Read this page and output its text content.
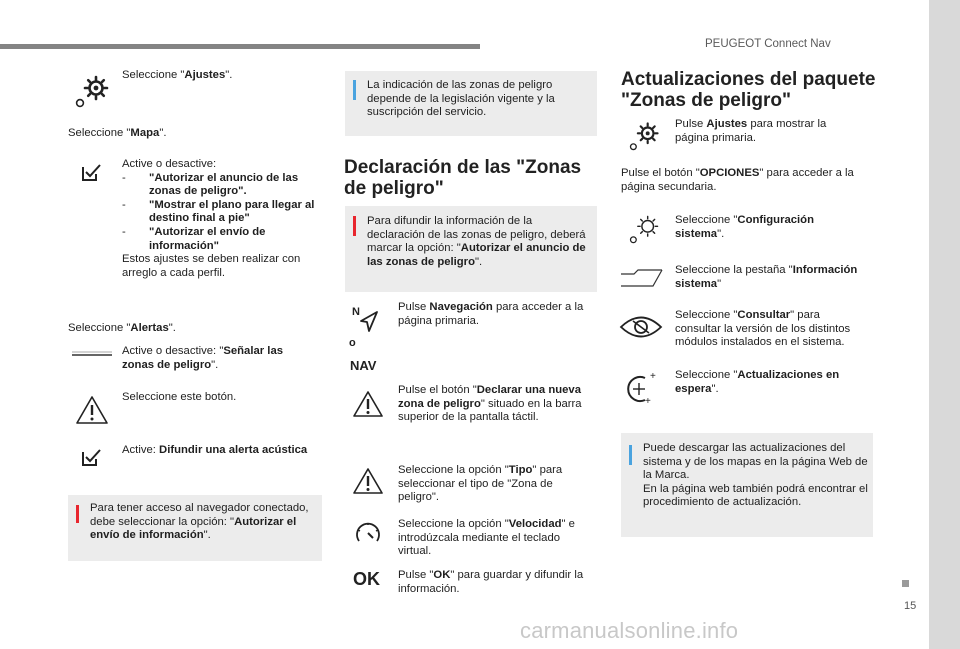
PEUGEOT Connect Nav
Seleccione "Ajustes".
Seleccione "Mapa".
Active o desactive:
- "Autorizar el anuncio de las zonas de peligro".
- "Mostrar el plano para llegar al destino final a pie"
- "Autorizar el envío de información"
Estos ajustes se deben realizar con arreglo a cada perfil.
Seleccione "Alertas".
Active o desactive: "Señalar las zonas de peligro".
Seleccione este botón.
Active: Difundir una alerta acústica
Para tener acceso al navegador conectado, debe seleccionar la opción: "Autorizar el envío de información".
La indicación de las zonas de peligro depende de la legislación vigente y la suscripción del servicio.
Declaración de las "Zonas de peligro"
Para difundir la información de la declaración de las zonas de peligro, deberá marcar la opción: "Autorizar el anuncio de las zonas de peligro".
N
o
NAV
Pulse Navegación para acceder a la página primaria.
Pulse el botón "Declarar una nueva zona de peligro" situado en la barra superior de la pantalla táctil.
Seleccione la opción "Tipo" para seleccionar el tipo de "Zona de peligro".
Seleccione la opción "Velocidad" e introdúzcala mediante el teclado virtual.
OK Pulse "OK" para guardar y difundir la información.
Actualizaciones del paquete "Zonas de peligro"
Pulse Ajustes para mostrar la página primaria.
Pulse el botón "OPCIONES" para acceder a la página secundaria.
Seleccione "Configuración sistema".
Seleccione la pestaña "Información sistema"
Seleccione "Consultar" para consultar la versión de los distintos módulos instalados en el sistema.
+
+
Seleccione "Actualizaciones en espera".
Puede descargar las actualizaciones del sistema y de los mapas en la página Web de la Marca.
En la página web también podrá encontrar el procedimiento de actualización.
15
carmanualsonline.info
